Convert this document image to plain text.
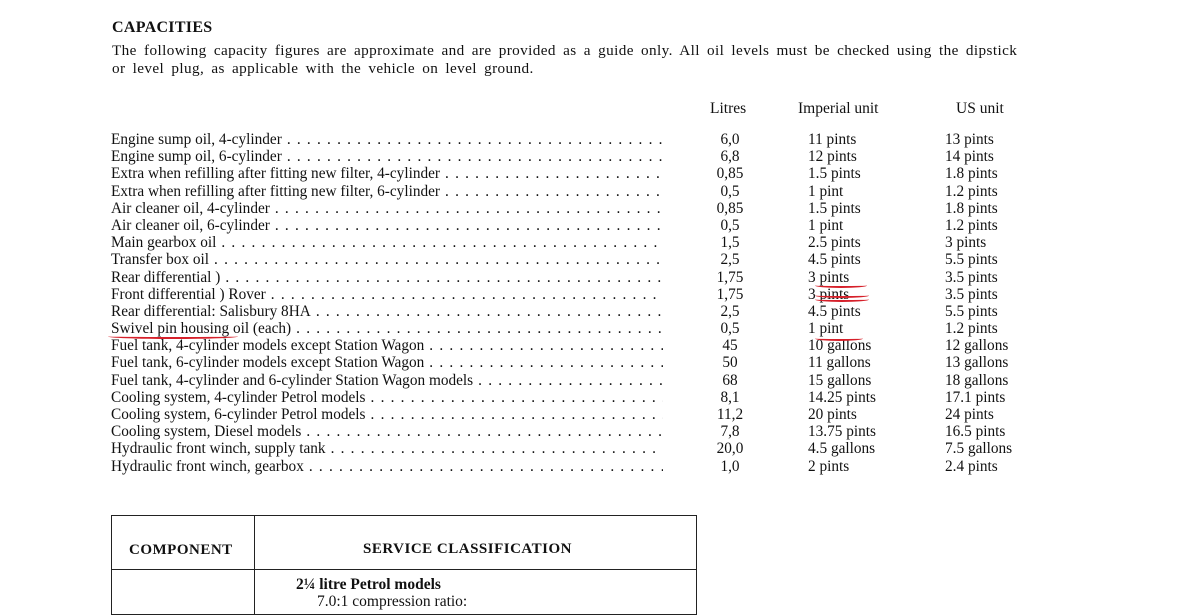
CAPACITIES
The following capacity figures are approximate and are provided as a guide only. All oil levels must be checked using the dipstick or level plug, as applicable with the vehicle on level ground.
Litres	Imperial unit	US unit
Engine sump oil, 4-cylinder . . .	6,0	11 pints	13 pints
Engine sump oil, 6-cylinder . . .	6,8	12 pints	14 pints
Extra when refilling after fitting new filter, 4-cylinder . . .	0,85	1.5 pints	1.8 pints
Extra when refilling after fitting new filter, 6-cylinder . . .	0,5	1 pint	1.2 pints
Air cleaner oil, 4-cylinder . . .	0,85	1.5 pints	1.8 pints
Air cleaner oil, 6-cylinder . . .	0,5	1 pint	1.2 pints
Main gearbox oil . . .	1,5	2.5 pints	3 pints
Transfer box oil . . .	2,5	4.5 pints	5.5 pints
Rear differential ) . . .	1,75	3 pints	3.5 pints
Front differential ) Rover . . .	1,75	3 pints	3.5 pints
Rear differential: Salisbury 8HA . . .	2,5	4.5 pints	5.5 pints
Swivel pin housing oil (each) . . .	0,5	1 pint	1.2 pints
Fuel tank, 4-cylinder models except Station Wagon . . .	45	10 gallons	12 gallons
Fuel tank, 6-cylinder models except Station Wagon . . .	50	11 gallons	13 gallons
Fuel tank, 4-cylinder and 6-cylinder Station Wagon models . . .	68	15 gallons	18 gallons
Cooling system, 4-cylinder Petrol models . . .	8,1	14.25 pints	17.1 pints
Cooling system, 6-cylinder Petrol models . . .	11,2	20 pints	24 pints
Cooling system, Diesel models . . .	7,8	13.75 pints	16.5 pints
Hydraulic front winch, supply tank . . .	20,0	4.5 gallons	7.5 gallons
Hydraulic front winch, gearbox . . .	1,0	2 pints	2.4 pints
COMPONENT	SERVICE CLASSIFICATION
2¼ litre Petrol models
7.0:1 compression ratio:
